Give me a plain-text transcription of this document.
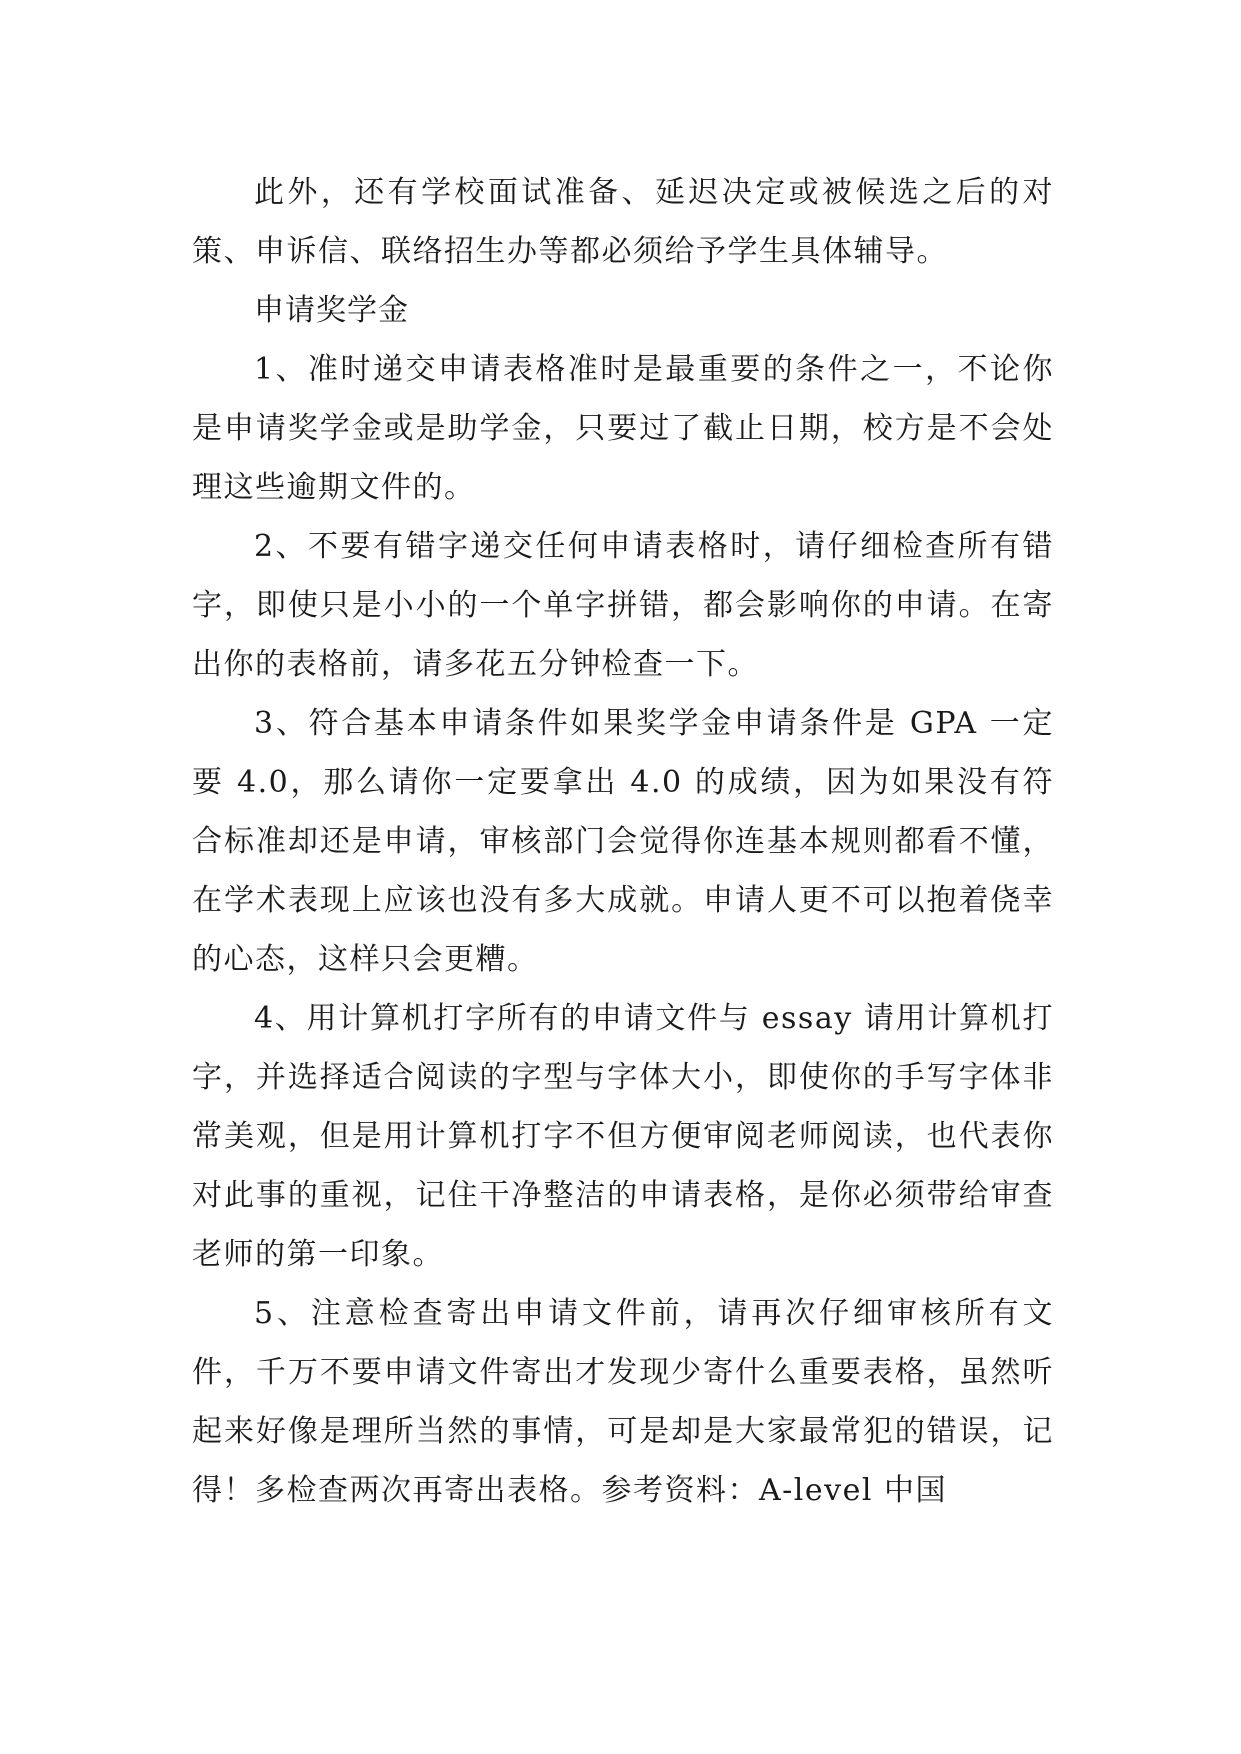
此外，还有学校面试准备、延迟决定或被候选之后的对策、申诉信、联络招生办等都必须给予学生具体辅导。

申请奖学金

1、准时递交申请表格准时是最重要的条件之一，不论你是申请奖学金或是助学金，只要过了截止日期，校方是不会处理这些逾期文件的。

2、不要有错字递交任何申请表格时，请仔细检查所有错字，即使只是小小的一个单字拼错，都会影响你的申请。在寄出你的表格前，请多花五分钟检查一下。

3、符合基本申请条件如果奖学金申请条件是 GPA 一定要 4.0，那么请你一定要拿出 4.0 的成绩，因为如果没有符合标准却还是申请，审核部门会觉得你连基本规则都看不懂，在学术表现上应该也没有多大成就。申请人更不可以抱着侥幸的心态，这样只会更糟。

4、用计算机打字所有的申请文件与 essay 请用计算机打字，并选择适合阅读的字型与字体大小，即使你的手写字体非常美观，但是用计算机打字不但方便审阅老师阅读，也代表你对此事的重视，记住干净整洁的申请表格，是你必须带给审查老师的第一印象。

5、注意检查寄出申请文件前，请再次仔细审核所有文件，千万不要申请文件寄出才发现少寄什么重要表格，虽然听起来好像是理所当然的事情，可是却是大家最常犯的错误，记得！多检查两次再寄出表格。参考资料：A-level 中国
